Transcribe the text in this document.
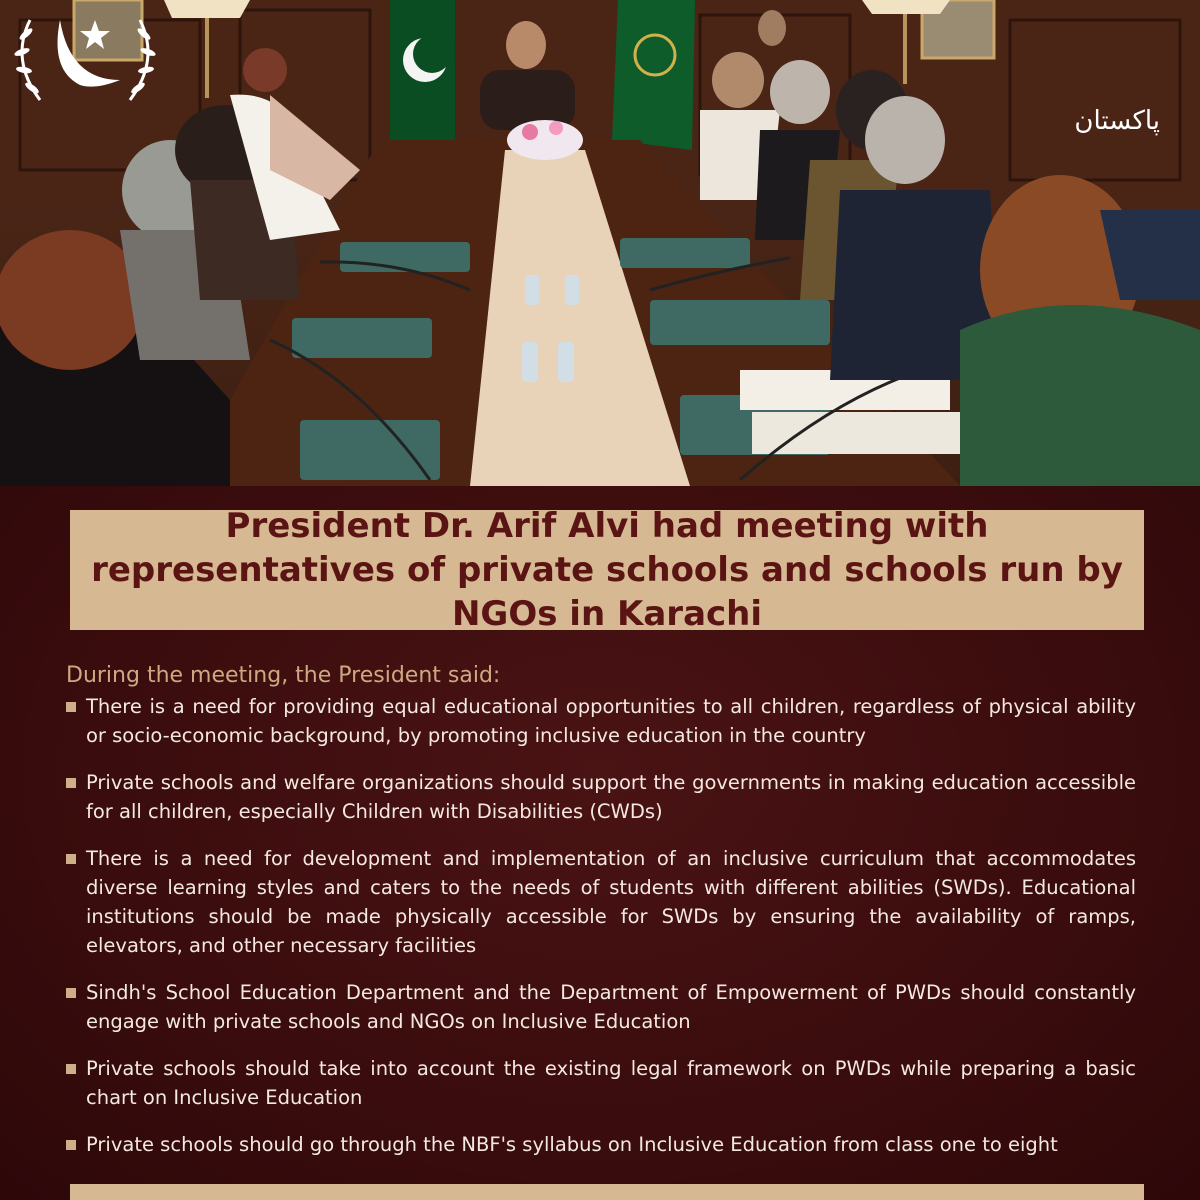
پاکستان
President Dr. Arif Alvi had meeting with representatives of private schools and schools run by NGOs in Karachi

During the meeting, the President said:

There is a need for providing equal educational opportunities to all children, regardless of physical ability or socio-economic background, by promoting inclusive education in the country
Private schools and welfare organizations should support the governments in making education accessible for all children, especially Children with Disabilities (CWDs)
There is a need for development and implementation of an inclusive curriculum that accommodates diverse learning styles and caters to the needs of students with different abilities (SWDs). Educational institutions should be made physically accessible for SWDs by ensuring the availability of ramps, elevators, and other necessary facilities
Sindh's School Education Department and the Department of Empowerment of PWDs should constantly engage with private schools and NGOs on Inclusive Education
Private schools should take into account the existing legal framework on PWDs while preparing a basic chart on Inclusive Education
Private schools should go through the NBF's syllabus on Inclusive Education from class one to eight
